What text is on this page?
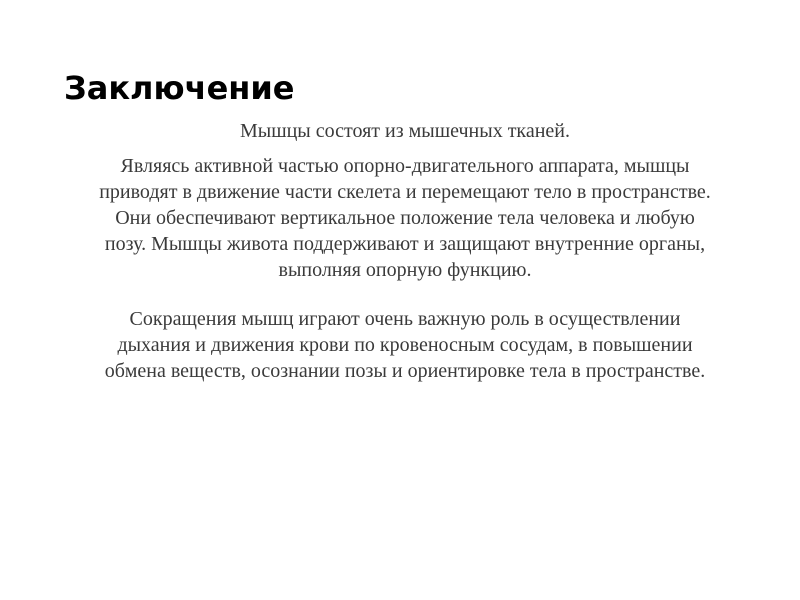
Заключение

Мышцы состоят из мышечных тканей.

Являясь активной частью опорно-двигательного аппарата, мышцы
приводят в движение части скелета и перемещают тело в пространстве.
Они обеспечивают вертикальное положение тела человека и любую
позу. Мышцы живота поддерживают и защищают внутренние органы,
выполняя опорную функцию.

Сокращения мышц играют очень важную роль в осуществлении
дыхания и движения крови по кровеносным сосудам, в повышении
обмена веществ, осознании позы и ориентировке тела в пространстве.
